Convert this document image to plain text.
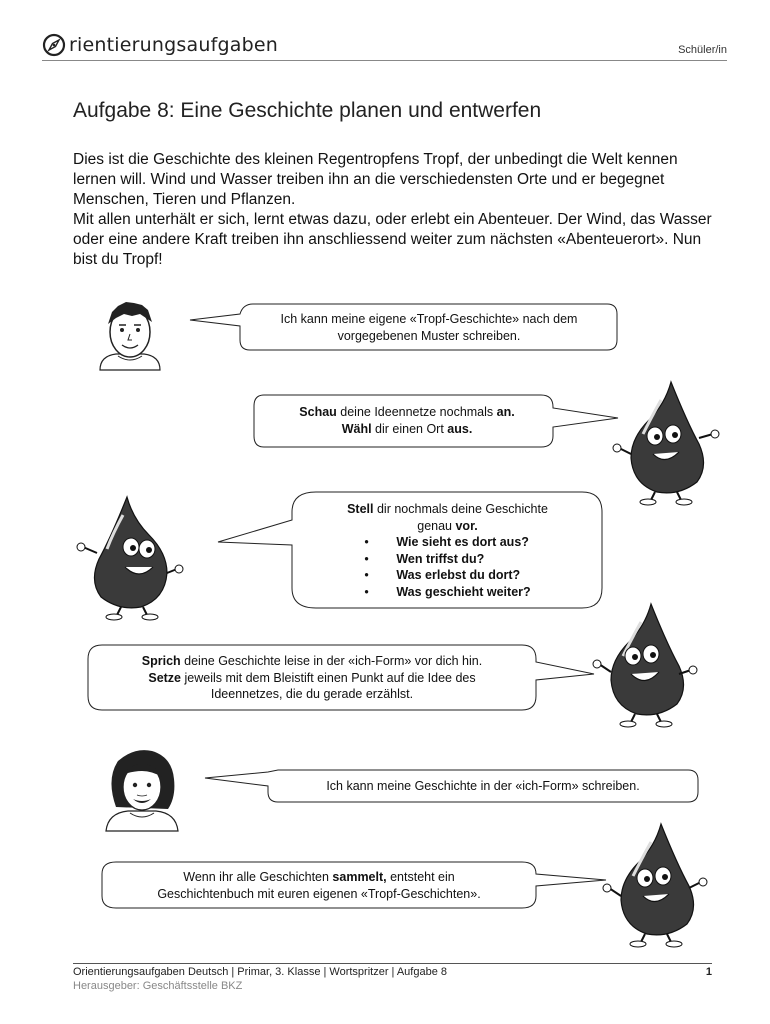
rientierungsaufgaben	Schüler/in
Aufgabe 8: Eine Geschichte planen und entwerfen

Dies ist die Geschichte des kleinen Regentropfens Tropf, der unbedingt die Welt kennen lernen will. Wind und Wasser treiben ihn an die verschiedensten Orte und er begegnet Menschen, Tieren und Pflanzen.

Mit allen unterhält er sich, lernt etwas dazu, oder erlebt ein Abenteuer. Der Wind, das Wasser oder eine andere Kraft treiben ihn anschliessend weiter zum nächsten «Abenteuerort». Nun bist du Tropf!

Ich kann meine eigene «Tropf-Geschichte» nach dem vorgegebenen Muster schreiben.
Schau deine Ideennetze nochmals an.
Wähl dir einen Ort aus.
Stell dir nochmals deine Geschichte
genau vor.
• Wie sieht es dort aus?
• Wen triffst du?
• Was erlebst du dort?
• Was geschieht weiter?
Sprich deine Geschichte leise in der «ich-Form» vor dich hin.
Setze jeweils mit dem Bleistift einen Punkt auf die Idee des
Ideennetzes, die du gerade erzählst.
Ich kann meine Geschichte in der «ich-Form» schreiben.
Wenn ihr alle Geschichten sammelt, entsteht ein
Geschichtenbuch mit euren eigenen «Tropf-Geschichten».
Orientierungsaufgaben Deutsch | Primar, 3. Klasse | Wortspritzer | Aufgabe 8
Herausgeber: Geschäftsstelle BKZ
1
